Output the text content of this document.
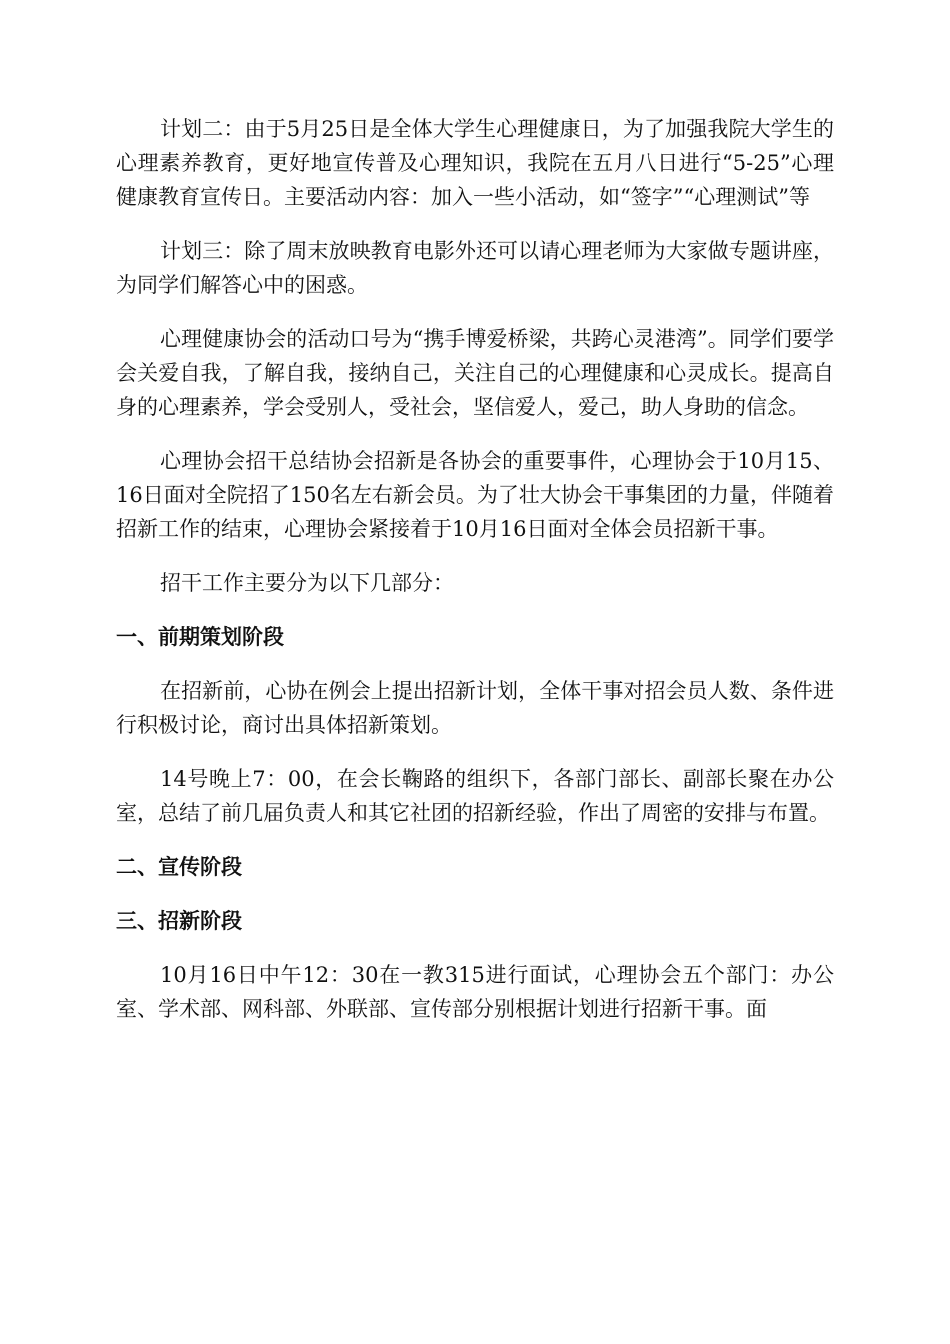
计划二：由于5月25日是全体大学生心理健康日，为了加强我院大学生的心理素养教育，更好地宣传普及心理知识，我院在五月八日进行“5-25”心理健康教育宣传日。主要活动内容：加入一些小活动，如“签字”“心理测试”等

计划三：除了周末放映教育电影外还可以请心理老师为大家做专题讲座，为同学们解答心中的困惑。

心理健康协会的活动口号为“携手博爱桥梁，共跨心灵港湾”。同学们要学会关爱自我，了解自我，接纳自己，关注自己的心理健康和心灵成长。提高自身的心理素养，学会受别人，受社会，坚信爱人，爱己，助人身助的信念。

心理协会招干总结协会招新是各协会的重要事件，心理协会于10月15、16日面对全院招了150名左右新会员。为了壮大协会干事集团的力量，伴随着招新工作的结束，心理协会紧接着于10月16日面对全体会员招新干事。

招干工作主要分为以下几部分：

一、前期策划阶段

在招新前，心协在例会上提出招新计划，全体干事对招会员人数、条件进行积极讨论，商讨出具体招新策划。

14号晚上7：00，在会长鞠路的组织下，各部门部长、副部长聚在办公室，总结了前几届负责人和其它社团的招新经验，作出了周密的安排与布置。

二、宣传阶段
三、招新阶段

10月16日中午12：30在一教315进行面试，心理协会五个部门：办公室、学术部、网科部、外联部、宣传部分别根据计划进行招新干事。面
